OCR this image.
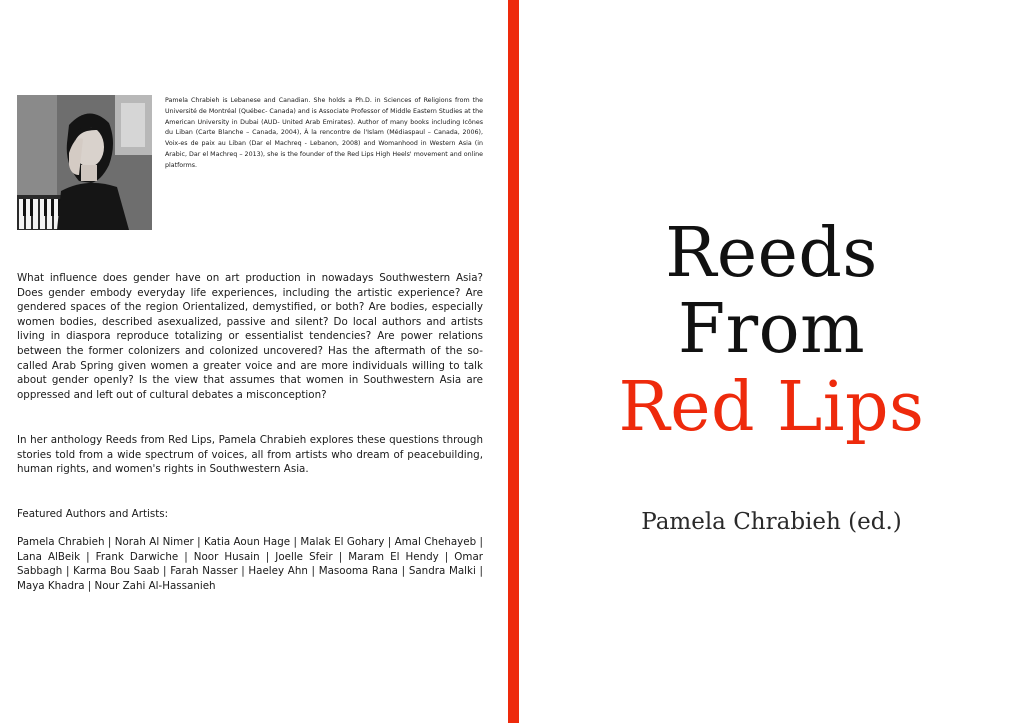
Pamela Chrabieh is Lebanese and Canadian. She holds a Ph.D. in Sciences of Religions from the Université de Montréal (Québec- Canada) and is Associate Professor of Middle Eastern Studies at the American University in Dubai (AUD- United Arab Emirates). Author of many books including Icônes du Liban (Carte Blanche – Canada, 2004), À la rencontre de l'Islam (Médiaspaul – Canada, 2006), Voix-es de paix au Liban (Dar el Machreq - Lebanon, 2008) and Womanhood in Western Asia (in Arabic, Dar el Machreq – 2013), she is the founder of the Red Lips High Heels' movement and online platforms.

What influence does gender have on art production in nowadays Southwestern Asia? Does gender embody everyday life experiences, including the artistic experience? Are gendered spaces of the region Orientalized, demystified, or both? Are bodies, especially women bodies, described asexualized, passive and silent? Do local authors and artists living in diaspora reproduce totalizing or essentialist tendencies? Are power relations between the former colonizers and colonized uncovered? Has the aftermath of the so-called Arab Spring given women a greater voice and are more individuals willing to talk about gender openly? Is the view that assumes that women in Southwestern Asia are oppressed and left out of cultural debates a misconception?

In her anthology Reeds from Red Lips, Pamela Chrabieh explores these questions through stories told from a wide spectrum of voices, all from artists who dream of peacebuilding, human rights, and women's rights in Southwestern Asia.

Featured Authors and Artists:

Pamela Chrabieh | Norah Al Nimer | Katia Aoun Hage | Malak El Gohary | Amal Chehayeb | Lana AlBeik | Frank Darwiche | Noor Husain | Joelle Sfeir | Maram El Hendy | Omar Sabbagh | Karma Bou Saab | Farah Nasser | Haeley Ahn | Masooma Rana | Sandra Malki | Maya Khadra | Nour Zahi Al-Hassanieh

Reeds
From
Red Lips

Pamela Chrabieh (ed.)
